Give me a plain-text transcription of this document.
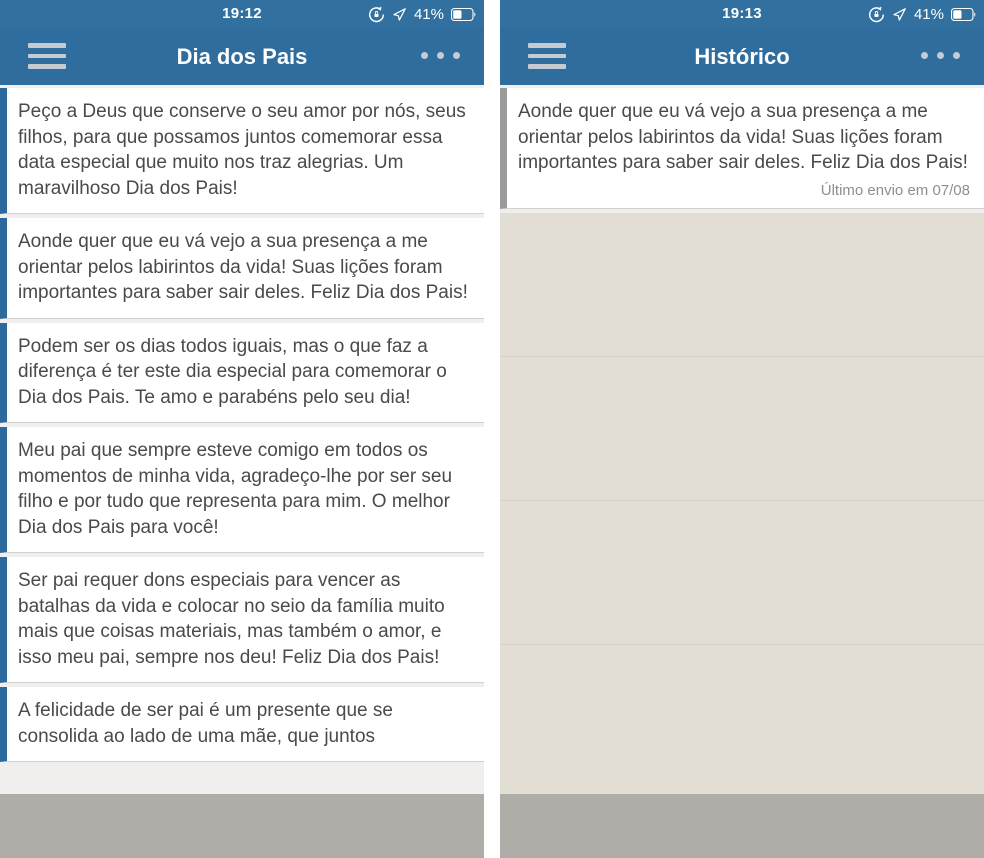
19:12	41%
Dia dos Pais
Peço a Deus que conserve o seu amor por nós, seus filhos, para que possamos juntos comemorar essa data especial que muito nos traz alegrias. Um maravilhoso Dia dos Pais!
Aonde quer que eu vá vejo a sua presença a me orientar pelos labirintos da vida! Suas lições foram importantes para saber sair deles. Feliz Dia dos Pais!
Podem ser os dias todos iguais, mas o que faz a diferença é ter este dia especial para comemorar o Dia dos Pais. Te amo e parabéns pelo seu dia!
Meu pai que sempre esteve comigo em todos os momentos de minha vida, agradeço-lhe por ser seu filho e por tudo que representa para mim. O melhor Dia dos Pais para você!
Ser pai requer dons especiais para vencer as batalhas da vida e colocar no seio da família muito mais que coisas materiais, mas também o amor, e isso meu pai, sempre nos deu! Feliz Dia dos Pais!
A felicidade de ser pai é um presente que se consolida ao lado de uma mãe, que juntos
19:13	41%
Histórico
Aonde quer que eu vá vejo a sua presença a me orientar pelos labirintos da vida! Suas lições foram importantes para saber sair deles. Feliz Dia dos Pais!
Último envio em 07/08
